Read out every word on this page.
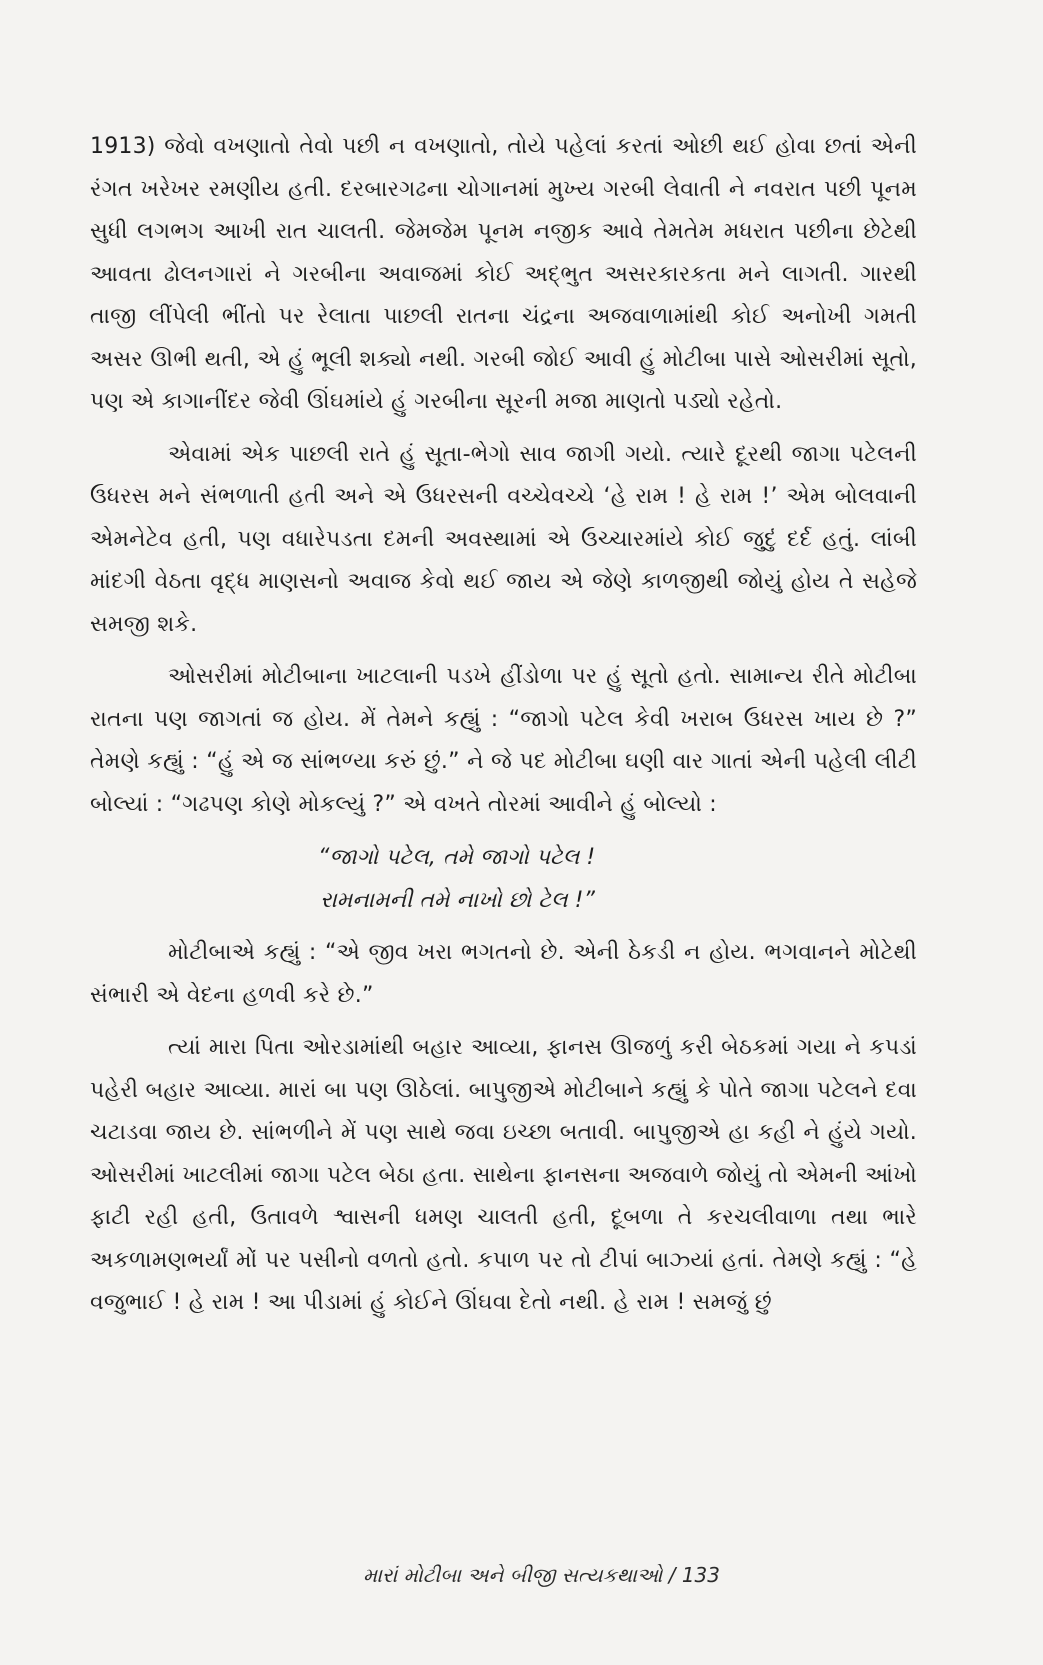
1913) જેવો વખણાતો તેવો પછી ન વખણાતો, તોયે પહેલાં કરતાં ઓછી થઈ હોવા છતાં એની રંગત ખરેખર રમણીય હતી. દરબારગઢના ચોગાનમાં મુખ્ય ગરબી લેવાતી ને નવરાત પછી પૂનમ સુધી લગભગ આખી રાત ચાલતી. જેમજેમ પૂનમ નજીક આવે તેમતેમ મધરાત પછીના છેટેથી આવતા ઢોલનગારાં ને ગરબીના અવાજમાં કોઈ અદ્ભુત અસરકારકતા મને લાગતી. ગારથી તાજી લીંપેલી ભીંતો પર રેલાતા પાછલી રાતના ચંદ્રના અજવાળામાંથી કોઈ અનોખી ગમતી અસર ઊભી થતી, એ હું ભૂલી શક્યો નથી. ગરબી જોઈ આવી હું મોટીબા પાસે ઓસરીમાં સૂતો, પણ એ કાગાનીંદર જેવી ઊંઘમાંયે હું ગરબીના સૂરની મજા માણતો પડ્યો રહેતો.

એવામાં એક પાછલી રાતે હું સૂતા-ભેગો સાવ જાગી ગયો. ત્યારે દૂરથી જાગા પટેલની ઉધરસ મને સંભળાતી હતી અને એ ઉધરસની વચ્ચેવચ્ચે ‘હે રામ ! હે રામ !’ એમ બોલવાની એમનેટેવ હતી, પણ વધારેપડતા દમની અવસ્થામાં એ ઉચ્ચારમાંયે કોઈ જુદું દર્દ હતું. લાંબી માંદગી વેઠતા વૃદ્ધ માણસનો અવાજ કેવો થઈ જાય એ જેણે કાળજીથી જોયું હોય તે સહેજે સમજી શકે.

ઓસરીમાં મોટીબાના ખાટલાની પડખે હીંડોળા પર હું સૂતો હતો. સામાન્ય રીતે મોટીબા રાતના પણ જાગતાં જ હોય. મેં તેમને કહ્યું : “જાગો પટેલ કેવી ખરાબ ઉધરસ ખાય છે ?” તેમણે કહ્યું : “હું એ જ સાંભળ્યા કરું છું.” ને જે પદ મોટીબા ઘણી વાર ગાતાં એની પહેલી લીટી બોલ્યાં : “ગઢપણ કોણે મોકલ્યું ?” એ વખતે તોરમાં આવીને હું બોલ્યો :

“જાગો પટેલ, તમે જાગો પટેલ !
રામનામની તમે નાખો છો ટેલ !”

મોટીબાએ કહ્યું : “એ જીવ ખરા ભગતનો છે. એની ઠેકડી ન હોય. ભગવાનને મોટેથી સંભારી એ વેદના હળવી કરે છે.”

ત્યાં મારા પિતા ઓરડામાંથી બહાર આવ્યા, ફાનસ ઊજળું કરી બેઠકમાં ગયા ને કપડાં પહેરી બહાર આવ્યા. મારાં બા પણ ઊઠેલાં. બાપુજીએ મોટીબાને કહ્યું કે પોતે જાગા પટેલને દવા ચટાડવા જાય છે. સાંભળીને મેં પણ સાથે જવા ઇચ્છા બતાવી. બાપુજીએ હા કહી ને હુંયે ગયો. ઓસરીમાં ખાટલીમાં જાગા પટેલ બેઠા હતા. સાથેના ફાનસના અજવાળે જોયું તો એમની આંખો ફાટી રહી હતી, ઉતાવળે શ્વાસની ધમણ ચાલતી હતી, દૂબળા તે કરચલીવાળા તથા ભારે અકળામણભર્યાં મોં પર પસીનો વળતો હતો. કપાળ પર તો ટીપાં બાઝ્યાં હતાં. તેમણે કહ્યું : “હે વજુભાઈ ! હે રામ ! આ પીડામાં હું કોઈને ઊંઘવા દેતો નથી. હે રામ ! સમજું છું

મારાં મોટીબા અને બીજી સત્યકથાઓ / 133
